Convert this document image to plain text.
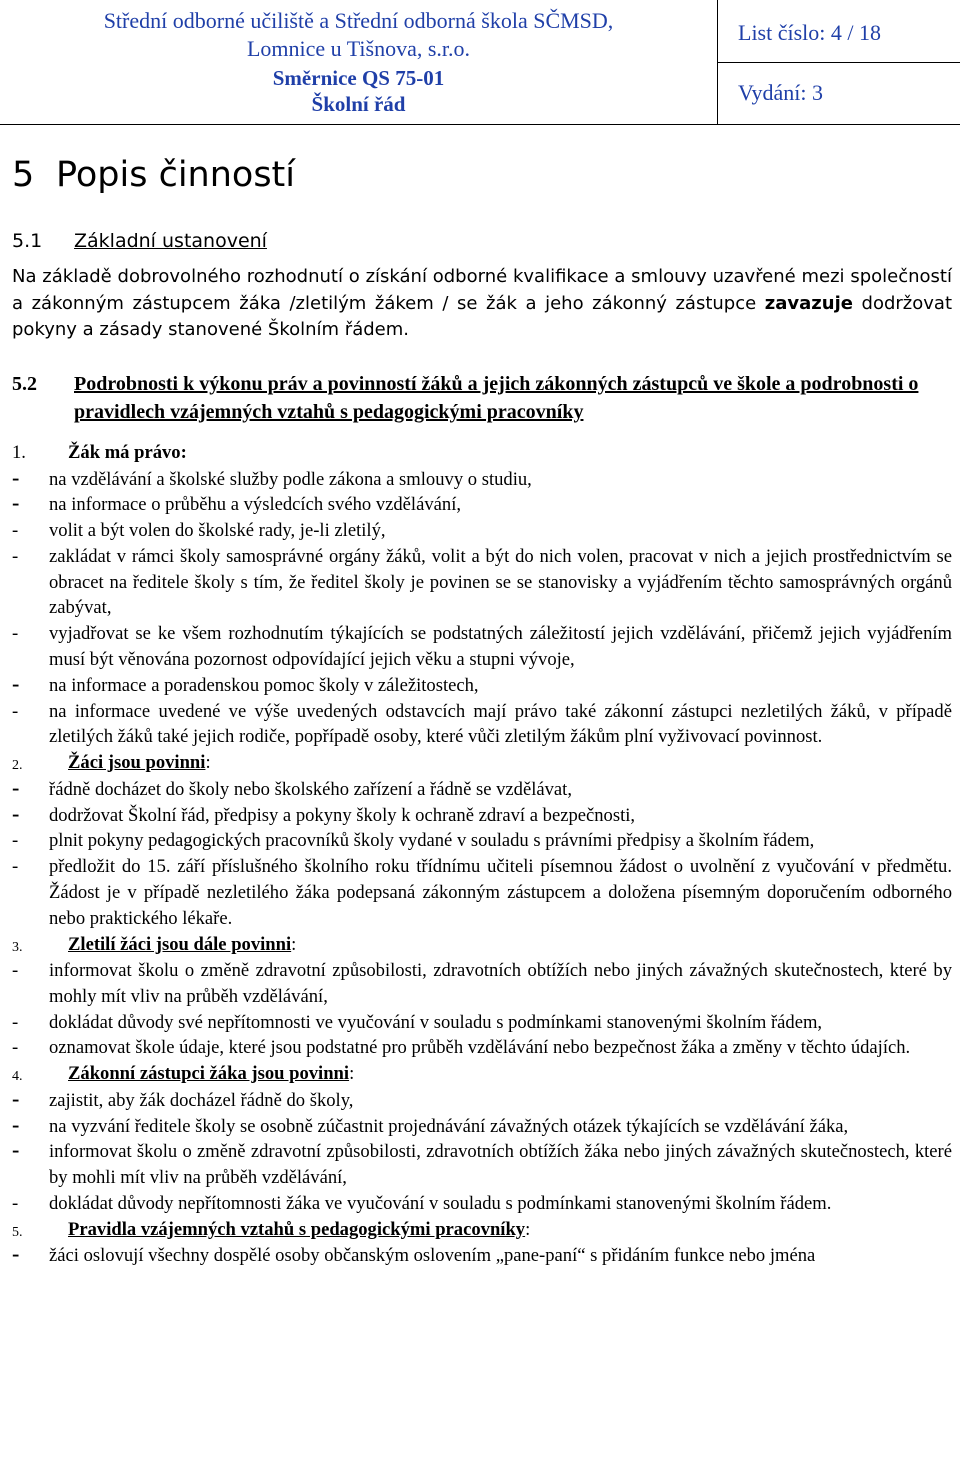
Střední odborné učiliště a Střední odborná škola SČMSD,
Lomnice u Tišnova, s.r.o.
Směrnice QS 75-01
Školní řád
List číslo: 4 / 18
Vydání: 3
5 Popis činností
5.1 Základní ustanovení
Na základě dobrovolného rozhodnutí o získání odborné kvalifikace a smlouvy uzavřené mezi společností a zákonným zástupcem žáka /zletilým žákem / se žák a jeho zákonný zástupce zavazuje dodržovat pokyny a zásady stanovené Školním řádem.
5.2 Podrobnosti k výkonu práv a povinností žáků a jejich zákonných zástupců ve škole a podrobnosti o pravidlech vzájemných vztahů s pedagogickými pracovníky
1. Žák má právo:

- na vzdělávání a školské služby podle zákona a smlouvy o studiu,

- na informace o průběhu a výsledcích svého vzdělávání,

- volit a být volen do školské rady, je-li zletilý,

- zakládat v rámci školy samosprávné orgány žáků, volit a být do nich volen, pracovat v nich a jejich prostřednictvím se obracet na ředitele školy s tím, že ředitel školy je povinen se se stanovisky a vyjádřením těchto samosprávných orgánů zabývat,

- vyjadřovat se ke všem rozhodnutím týkajících se podstatných záležitostí jejich vzdělávání, přičemž jejich vyjádřením musí být věnována pozornost odpovídající jejich věku a stupni vývoje,

- na informace a poradenskou pomoc školy v záležitostech,

- na informace uvedené ve výše uvedených odstavcích mají právo také zákonní zástupci nezletilých žáků, v případě zletilých žáků také jejich rodiče, popřípadě osoby, které vůči zletilým žákům plní vyživovací povinnost.

2. Žáci jsou povinni:

- řádně docházet do školy nebo školského zařízení a řádně se vzdělávat,

- dodržovat Školní řád, předpisy a pokyny školy k ochraně zdraví a bezpečnosti,

- plnit pokyny pedagogických pracovníků školy vydané v souladu s právními předpisy a školním řádem,

- předložit do 15. září příslušného školního roku třídnímu učiteli písemnou žádost o uvolnění z vyučování v předmětu. Žádost je v případě nezletilého žáka podepsaná zákonným zástupcem a doložena písemným doporučením odborného nebo praktického lékaře.

3. Zletilí žáci jsou dále povinni:

- informovat školu o změně zdravotní způsobilosti, zdravotních obtížích nebo jiných závažných skutečnostech, které by mohly mít vliv na průběh vzdělávání,

- dokládat důvody své nepřítomnosti ve vyučování v souladu s podmínkami stanovenými školním řádem,

- oznamovat škole údaje, které jsou podstatné pro průběh vzdělávání nebo bezpečnost žáka a změny v těchto údajích.

4. Zákonní zástupci žáka jsou povinni:

- zajistit, aby žák docházel řádně do školy,

- na vyzvání ředitele školy se osobně zúčastnit projednávání závažných otázek týkajících se vzdělávání žáka,

- informovat školu o změně zdravotní způsobilosti, zdravotních obtížích žáka nebo jiných závažných skutečnostech, které by mohli mít vliv na průběh vzdělávání,

- dokládat důvody nepřítomnosti žáka ve vyučování v souladu s podmínkami stanovenými školním řádem.

5. Pravidla vzájemných vztahů s pedagogickými pracovníky:

- žáci oslovují všechny dospělé osoby občanským oslovením „pane-paní“ s přidáním funkce nebo jména
